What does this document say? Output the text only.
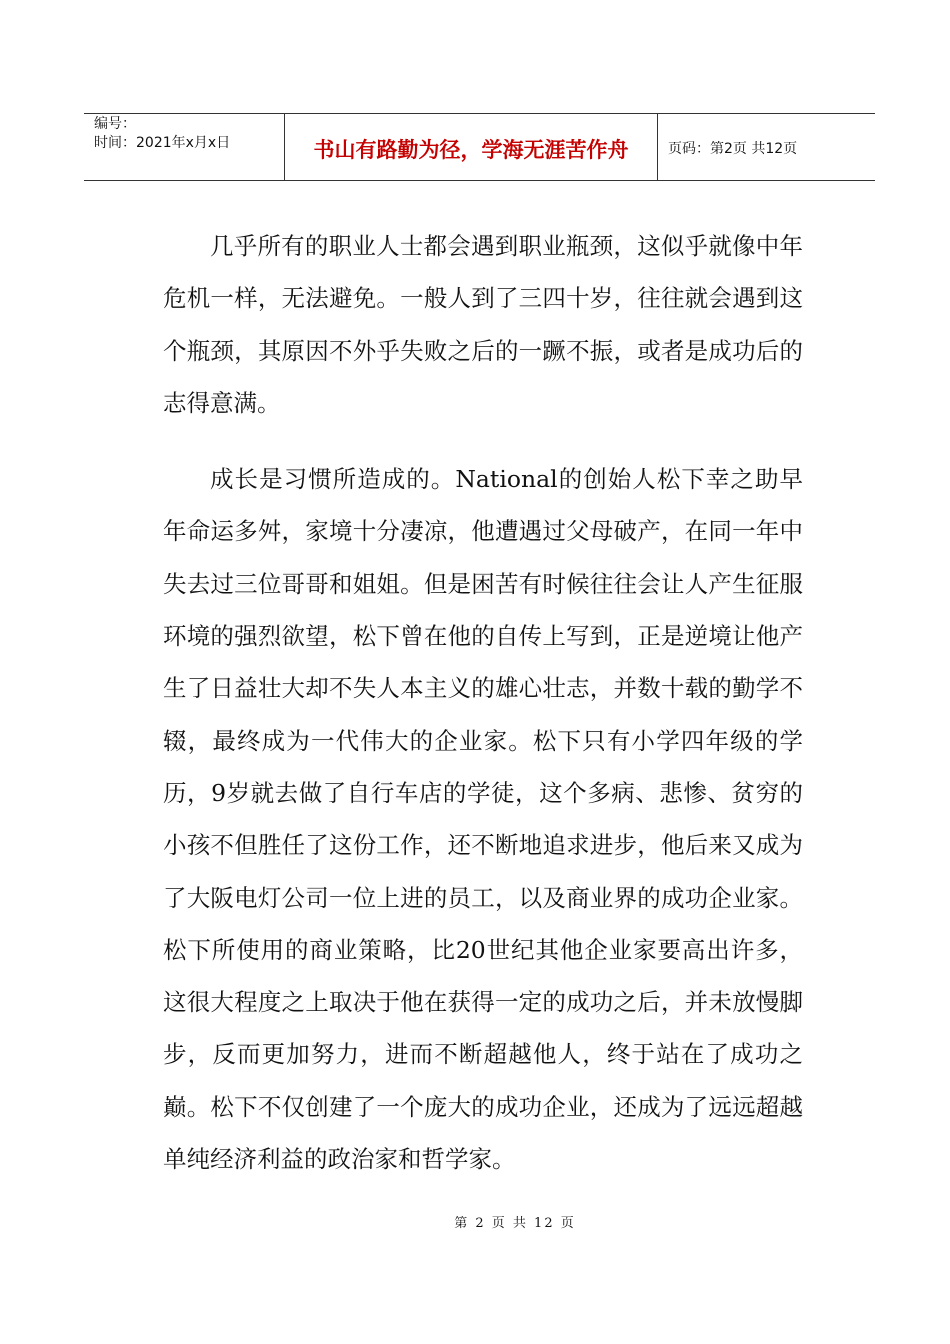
编号：
时间：2021年x月x日	书山有路勤为径，学海无涯苦作舟	页码：第2页 共12页

几乎所有的职业人士都会遇到职业瓶颈，这似乎就像中年危机一样，无法避免。一般人到了三四十岁，往往就会遇到这个瓶颈，其原因不外乎失败之后的一蹶不振，或者是成功后的志得意满。

成长是习惯所造成的。National的创始人松下幸之助早年命运多舛，家境十分凄凉，他遭遇过父母破产，在同一年中失去过三位哥哥和姐姐。但是困苦有时候往往会让人产生征服环境的强烈欲望，松下曾在他的自传上写到，正是逆境让他产生了日益壮大却不失人本主义的雄心壮志，并数十载的勤学不辍，最终成为一代伟大的企业家。松下只有小学四年级的学历，9岁就去做了自行车店的学徒，这个多病、悲惨、贫穷的小孩不但胜任了这份工作，还不断地追求进步，他后来又成为了大阪电灯公司一位上进的员工，以及商业界的成功企业家。松下所使用的商业策略，比20世纪其他企业家要高出许多，这很大程度之上取决于他在获得一定的成功之后，并未放慢脚步，反而更加努力，进而不断超越他人，终于站在了成功之巅。松下不仅创建了一个庞大的成功企业，还成为了远远超越单纯经济利益的政治家和哲学家。

第 2 页 共 12 页
